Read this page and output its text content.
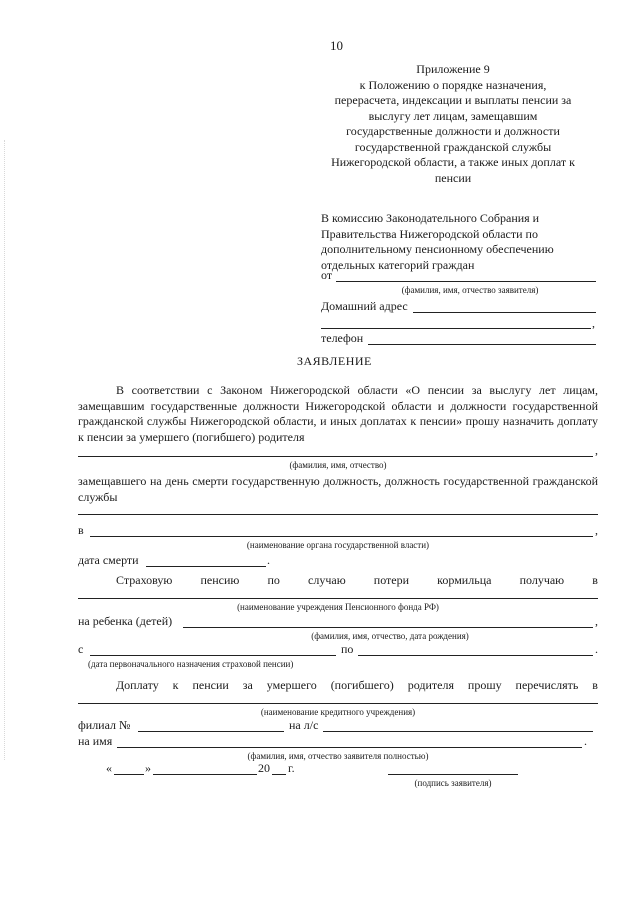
10
Приложение 9
к Положению о порядке назначения,
перерасчета, индексации и выплаты пенсии за
выслугу лет лицам, замещавшим
государственные должности и должности
государственной гражданской службы
Нижегородской области, а также иных доплат к
пенсии
В комиссию Законодательного Собрания и
Правительства Нижегородской области по
дополнительному пенсионному обеспечению
отдельных категорий граждан
от
(фамилия, имя, отчество заявителя)
Домашний адрес
,
телефон
ЗАЯВЛЕНИЕ
В соответствии с Законом Нижегородской области «О пенсии за выслугу лет лицам, замещавшим государственные должности Нижегородской области и должности государственной гражданской службы Нижегородской области, и иных доплатах к пенсии» прошу назначить доплату к пенсии за умершего (погибшего) родителя
,
(фамилия, имя, отчество)
замещавшего на день смерти государственную должность, должность государственной гражданской службы
в	,
(наименование органа государственной власти)
дата смерти	.
Страховую пенсию по случаю потери кормильца получаю в
(наименование учреждения Пенсионного фонда РФ)
на ребенка (детей)	,
(фамилия, имя, отчество, дата рождения)
с	по	.
(дата первоначального назначения страховой пенсии)
Доплату к пенсии за умершего (погибшего) родителя прошу перечислять в
(наименование кредитного учреждения)
филиал №	на л/с
на имя	.
(фамилия, имя, отчество заявителя полностью)
«	»	20 г.
(подпись заявителя)
